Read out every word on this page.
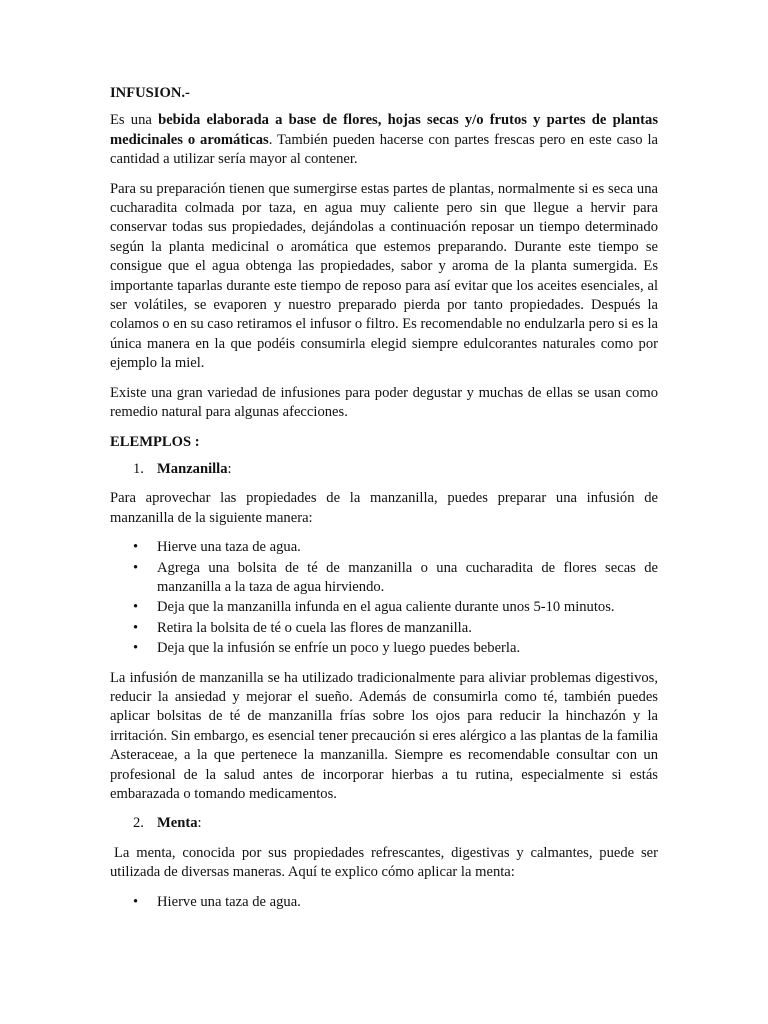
INFUSION.-

Es una bebida elaborada a base de flores, hojas secas y/o frutos y partes de plantas medicinales o aromáticas. También pueden hacerse con partes frescas pero en este caso la cantidad a utilizar sería mayor al contener.

Para su preparación tienen que sumergirse estas partes de plantas, normalmente si es seca una cucharadita colmada por taza, en agua muy caliente pero sin que llegue a hervir para conservar todas sus propiedades, dejándolas a continuación reposar un tiempo determinado según la planta medicinal o aromática que estemos preparando. Durante este tiempo se consigue que el agua obtenga las propiedades, sabor y aroma de la planta sumergida. Es importante taparlas durante este tiempo de reposo para así evitar que los aceites esenciales, al ser volátiles, se evaporen y nuestro preparado pierda por tanto propiedades. Después la colamos o en su caso retiramos el infusor o filtro. Es recomendable no endulzarla pero si es la única manera en la que podéis consumirla elegid siempre edulcorantes naturales como por ejemplo la miel.

Existe una gran variedad de infusiones para poder degustar y muchas de ellas se usan como remedio natural para algunas afecciones.

ELEMPLOS :

1. Manzanilla:

Para aprovechar las propiedades de la manzanilla, puedes preparar una infusión de manzanilla de la siguiente manera:

• Hierve una taza de agua.
• Agrega una bolsita de té de manzanilla o una cucharadita de flores secas de manzanilla a la taza de agua hirviendo.
• Deja que la manzanilla infunda en el agua caliente durante unos 5-10 minutos.
• Retira la bolsita de té o cuela las flores de manzanilla.
• Deja que la infusión se enfríe un poco y luego puedes beberla.

La infusión de manzanilla se ha utilizado tradicionalmente para aliviar problemas digestivos, reducir la ansiedad y mejorar el sueño. Además de consumirla como té, también puedes aplicar bolsitas de té de manzanilla frías sobre los ojos para reducir la hinchazón y la irritación. Sin embargo, es esencial tener precaución si eres alérgico a las plantas de la familia Asteraceae, a la que pertenece la manzanilla. Siempre es recomendable consultar con un profesional de la salud antes de incorporar hierbas a tu rutina, especialmente si estás embarazada o tomando medicamentos.

2. Menta:

La menta, conocida por sus propiedades refrescantes, digestivas y calmantes, puede ser utilizada de diversas maneras. Aquí te explico cómo aplicar la menta:

• Hierve una taza de agua.
